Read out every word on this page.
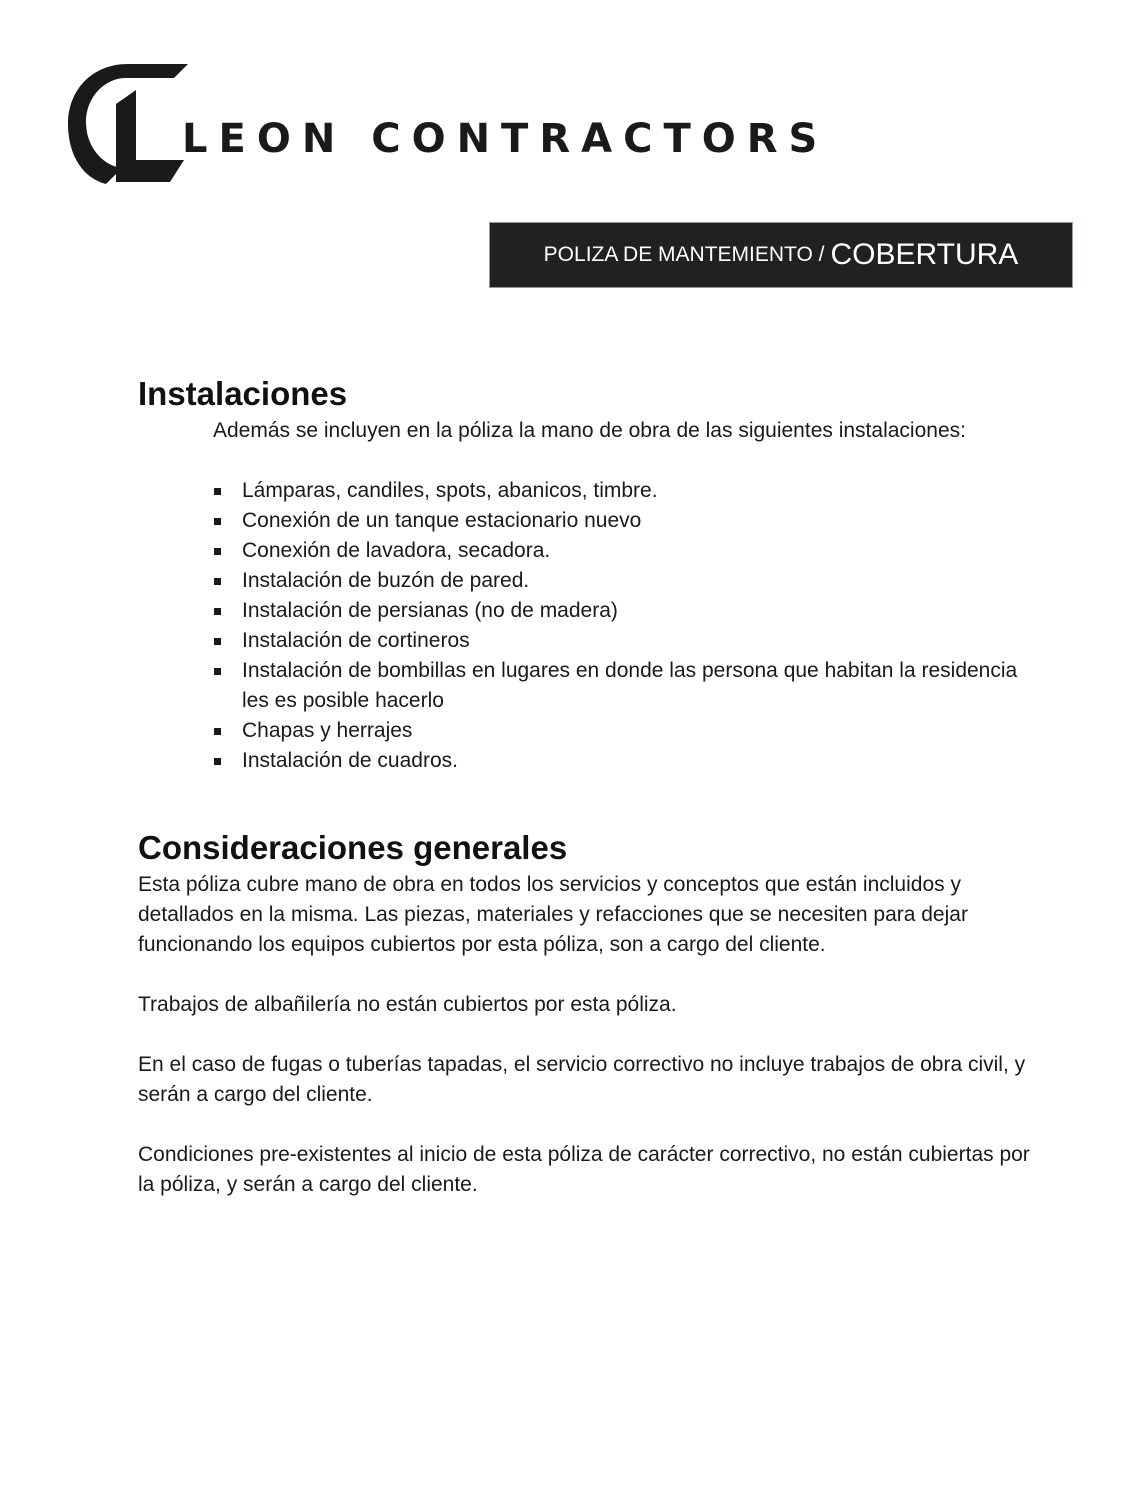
LEON CONTRACTORS
POLIZA DE MANTEMIENTO / COBERTURA
Instalaciones

Además se incluyen en la póliza la mano de obra de las siguientes instalaciones:

Lámparas, candiles, spots, abanicos, timbre.
Conexión de un tanque estacionario nuevo
Conexión de lavadora, secadora.
Instalación de buzón de pared.
Instalación de persianas (no de madera)
Instalación de cortineros
Instalación de bombillas en lugares en donde las persona que habitan la residencia les es posible hacerlo
Chapas y herrajes
Instalación de cuadros.
Consideraciones generales

Esta póliza cubre mano de obra en todos los servicios y conceptos que están incluidos y detallados en la misma. Las piezas, materiales y refacciones que se necesiten para dejar funcionando los equipos cubiertos por esta póliza, son a cargo del cliente.

Trabajos de albañilería no están cubiertos por esta póliza.

En el caso de fugas o tuberías tapadas, el servicio correctivo no incluye trabajos de obra civil, y serán a cargo del cliente.

Condiciones pre-existentes al inicio de esta póliza de carácter correctivo, no están cubiertas por la póliza, y serán a cargo del cliente.
